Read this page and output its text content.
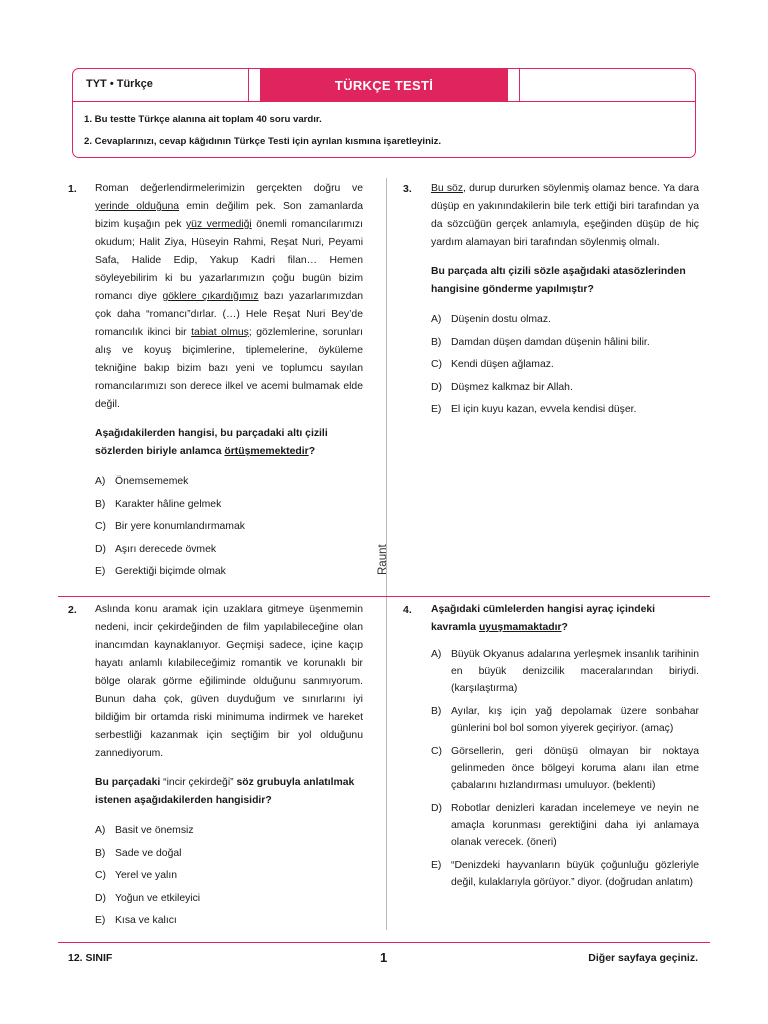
TYT • Türkçe	TÜRKÇE TESTİ
1. Bu testte Türkçe alanına ait toplam 40 soru vardır.
2. Cevaplarınızı, cevap kâğıdının Türkçe Testi için ayrılan kısmına işaretleyiniz.
Raunt
1. Roman değerlendirmelerimizin gerçekten doğru ve yerinde olduğuna emin değilim pek. Son zamanlarda bizim kuşağın pek yüz vermediği önemli romancılarımızı okudum; Halit Ziya, Hüseyin Rahmi, Reşat Nuri, Peyami Safa, Halide Edip, Yakup Kadri filan… Hemen söyleyebilirim ki bu yazarlarımızın çoğu bugün bizim romancı diye göklere çıkardığımız bazı yazarlarımızdan çok daha “romancı”dırlar. (…) Hele Reşat Nuri Bey’de romancılık ikinci bir tabiat olmuş; gözlemlerine, sorunları alış ve koyuş biçimlerine, tiplemelerine, öyküleme tekniğine bakıp bizim bazı yeni ve toplumcu sayılan romancılarımızı son derece ilkel ve acemi bulmamak elde değil.
Aşağıdakilerden hangisi, bu parçadaki altı çizili sözlerden biriyle anlamca örtüşmemektedir?
A) Önemsememek
B) Karakter hâline gelmek
C) Bir yere konumlandırmamak
D) Aşırı derecede övmek
E) Gerektiği biçimde olmak
2. Aslında konu aramak için uzaklara gitmeye üşenmemin nedeni, incir çekirdeğinden de film yapılabileceğine olan inancımdan kaynaklanıyor. Geçmişi sadece, içine kaçıp hayatı anlamlı kılabileceğimiz romantik ve korunaklı bir bölge olarak görme eğiliminde olduğunu sanmıyorum. Bunun daha çok, güven duyduğum ve sınırlarını iyi bildiğim bir ortamda riski minimuma indirmek ve hareket serbestliği kazanmak için seçtiğim bir yol olduğunu zannediyorum.
Bu parçadaki “incir çekirdeği” söz grubuyla anlatılmak istenen aşağıdakilerden hangisidir?
A) Basit ve önemsiz
B) Sade ve doğal
C) Yerel ve yalın
D) Yoğun ve etkileyici
E) Kısa ve kalıcı
3. Bu söz, durup dururken söylenmiş olamaz bence. Ya dara düşüp en yakınındakilerin bile terk ettiği biri tarafından ya da sözcüğün gerçek anlamıyla, eşeğinden düşüp de hiç yardım alamayan biri tarafından söylenmiş olmalı.
Bu parçada altı çizili sözle aşağıdaki atasözlerinden hangisine gönderme yapılmıştır?
A) Düşenin dostu olmaz.
B) Damdan düşen damdan düşenin hâlini bilir.
C) Kendi düşen ağlamaz.
D) Düşmez kalkmaz bir Allah.
E) El için kuyu kazan, evvela kendisi düşer.
4. Aşağıdaki cümlelerden hangisi ayraç içindeki kavramla uyuşmamaktadır?
A) Büyük Okyanus adalarına yerleşmek insanlık tarihinin en büyük denizcilik maceralarından biriydi. (karşılaştırma)
B) Ayılar, kış için yağ depolamak üzere sonbahar günlerini bol bol somon yiyerek geçiriyor. (amaç)
C) Görsellerin, geri dönüşü olmayan bir noktaya gelinmeden önce bölgeyi koruma alanı ilan etme çabalarını hızlandırması umuluyor. (beklenti)
D) Robotlar denizleri karadan incelemeye ve neyin ne amaçla korunması gerektiğini daha iyi anlamaya olanak verecek. (öneri)
E) “Denizdeki hayvanların büyük çoğunluğu gözleriyle değil, kulaklarıyla görüyor.” diyor. (doğrudan anlatım)
12. SINIF	1	Diğer sayfaya geçiniz.
